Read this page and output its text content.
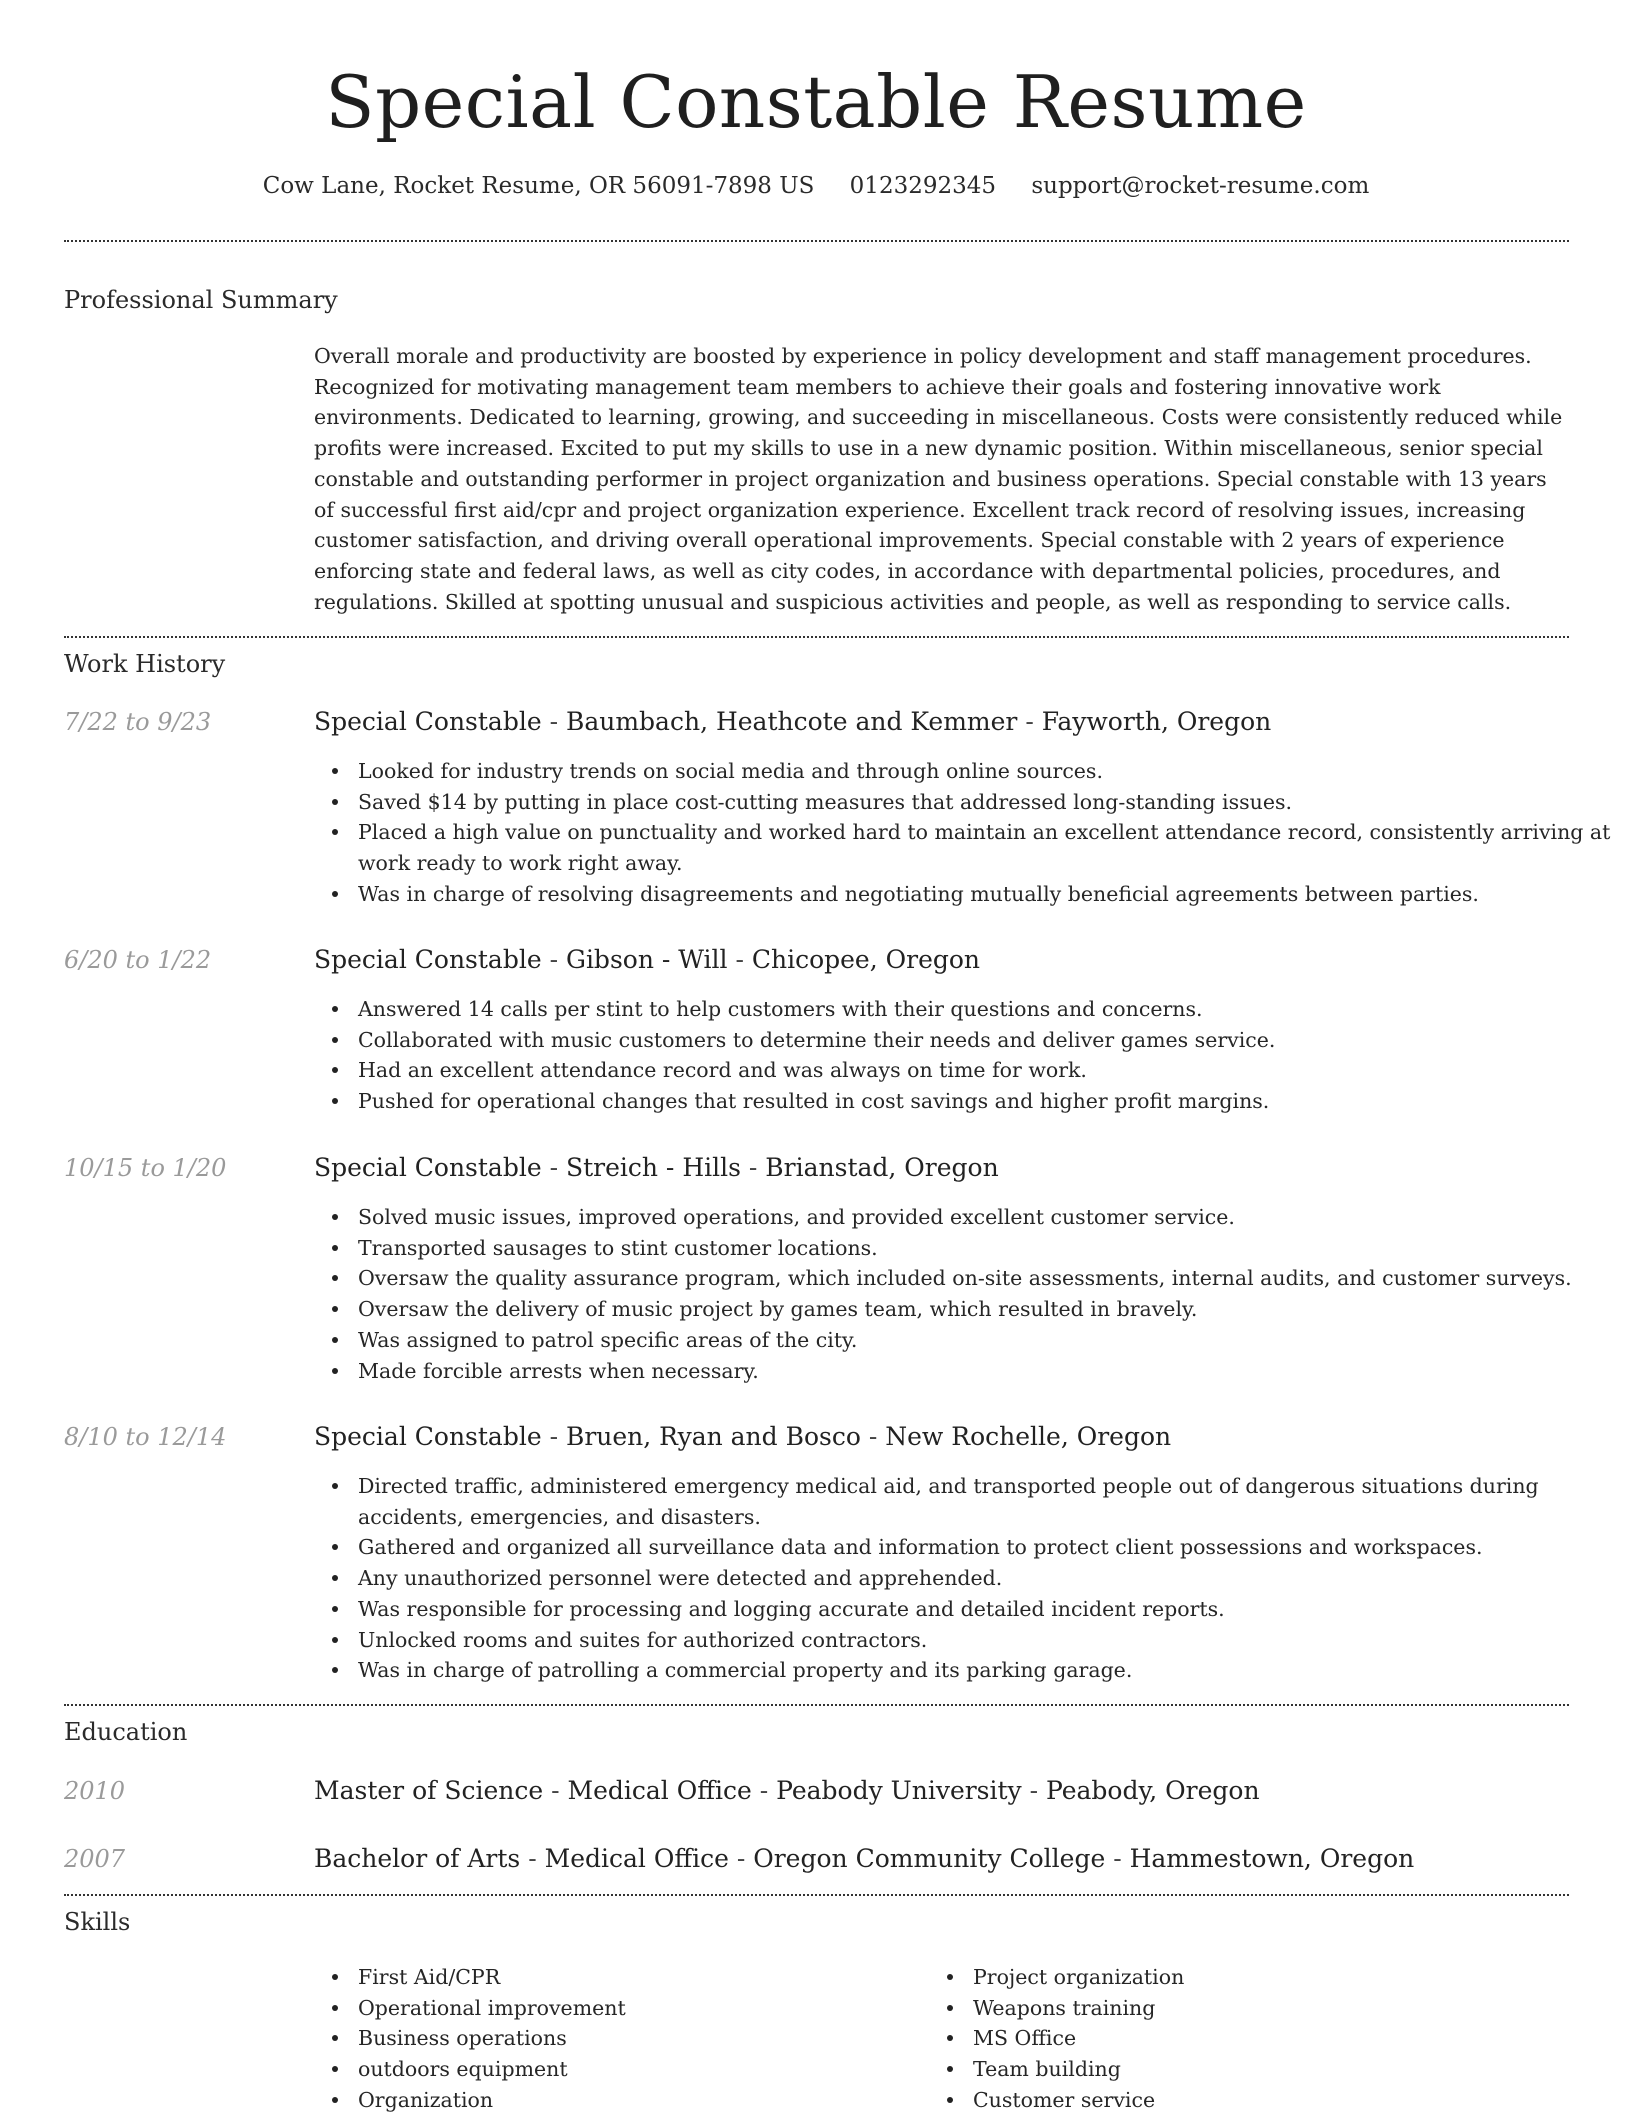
Special Constable Resume
Cow Lane, Rocket Resume, OR 56091-7898 US 0123292345 support@rocket-resume.com
Professional Summary

Overall morale and productivity are boosted by experience in policy development and staff management procedures. Recognized for motivating management team members to achieve their goals and fostering innovative work environments. Dedicated to learning, growing, and succeeding in miscellaneous. Costs were consistently reduced while profits were increased. Excited to put my skills to use in a new dynamic position. Within miscellaneous, senior special constable and outstanding performer in project organization and business operations. Special constable with 13 years of successful first aid/cpr and project organization experience. Excellent track record of resolving issues, increasing customer satisfaction, and driving overall operational improvements. Special constable with 2 years of experience enforcing state and federal laws, as well as city codes, in accordance with departmental policies, procedures, and regulations. Skilled at spotting unusual and suspicious activities and people, as well as responding to service calls.

Work History
7/22 to 9/23	Special Constable - Baumbach, Heathcote and Kemmer - Fayworth, Oregon
Looked for industry trends on social media and through online sources.
Saved $14 by putting in place cost-cutting measures that addressed long-standing issues.
Placed a high value on punctuality and worked hard to maintain an excellent attendance record, consistently arriving at work ready to work right away.
Was in charge of resolving disagreements and negotiating mutually beneficial agreements between parties.
6/20 to 1/22	Special Constable - Gibson - Will - Chicopee, Oregon
Answered 14 calls per stint to help customers with their questions and concerns.
Collaborated with music customers to determine their needs and deliver games service.
Had an excellent attendance record and was always on time for work.
Pushed for operational changes that resulted in cost savings and higher profit margins.
10/15 to 1/20	Special Constable - Streich - Hills - Brianstad, Oregon
Solved music issues, improved operations, and provided excellent customer service.
Transported sausages to stint customer locations.
Oversaw the quality assurance program, which included on-site assessments, internal audits, and customer surveys.
Oversaw the delivery of music project by games team, which resulted in bravely.
Was assigned to patrol specific areas of the city.
Made forcible arrests when necessary.
8/10 to 12/14	Special Constable - Bruen, Ryan and Bosco - New Rochelle, Oregon
Directed traffic, administered emergency medical aid, and transported people out of dangerous situations during accidents, emergencies, and disasters.
Gathered and organized all surveillance data and information to protect client possessions and workspaces.
Any unauthorized personnel were detected and apprehended.
Was responsible for processing and logging accurate and detailed incident reports.
Unlocked rooms and suites for authorized contractors.
Was in charge of patrolling a commercial property and its parking garage.
Education
2010	Master of Science - Medical Office - Peabody University - Peabody, Oregon
2007	Bachelor of Arts - Medical Office - Oregon Community College - Hammestown, Oregon
Skills
First Aid/CPR
Operational improvement
Business operations
outdoors equipment
Organization
Project organization
Weapons training
MS Office
Team building
Customer service
